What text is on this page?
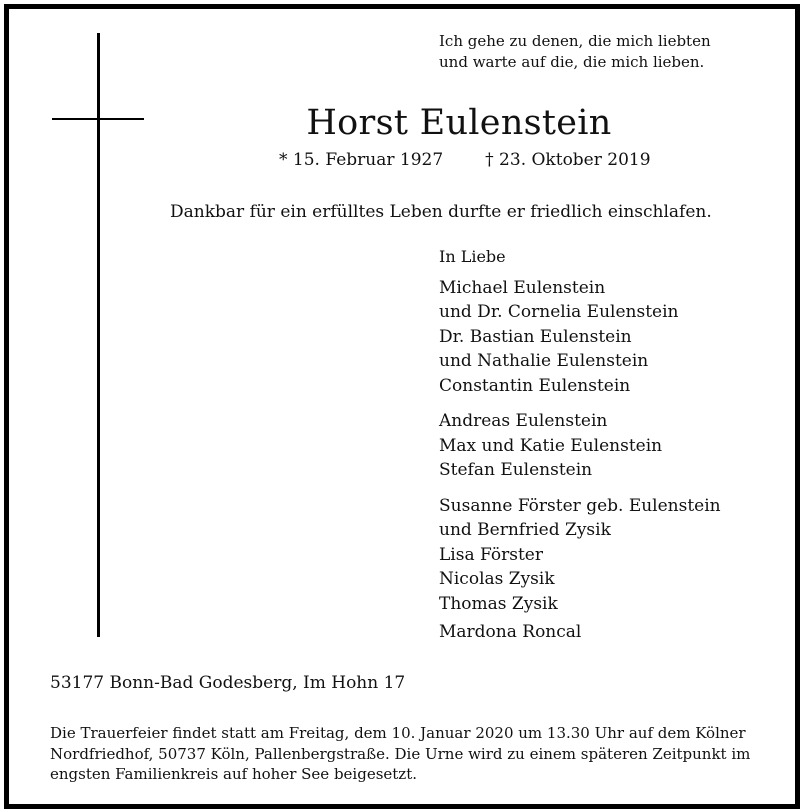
Ich gehe zu denen, die mich liebten
und warte auf die, die mich lieben.
Horst Eulenstein
* 15. Februar 1927 † 23. Oktober 2019
Dankbar für ein erfülltes Leben durfte er friedlich einschlafen.
In Liebe
Michael Eulenstein
und Dr. Cornelia Eulenstein
Dr. Bastian Eulenstein
und Nathalie Eulenstein
Constantin Eulenstein
Andreas Eulenstein
Max und Katie Eulenstein
Stefan Eulenstein
Susanne Förster geb. Eulenstein
und Bernfried Zysik
Lisa Förster
Nicolas Zysik
Thomas Zysik
Mardona Roncal
53177 Bonn-Bad Godesberg, Im Hohn 17
Die Trauerfeier findet statt am Freitag, dem 10. Januar 2020 um 13.30 Uhr auf dem Kölner
Nordfriedhof, 50737 Köln, Pallenbergstraße. Die Urne wird zu einem späteren Zeitpunkt im
engsten Familienkreis auf hoher See beigesetzt.
